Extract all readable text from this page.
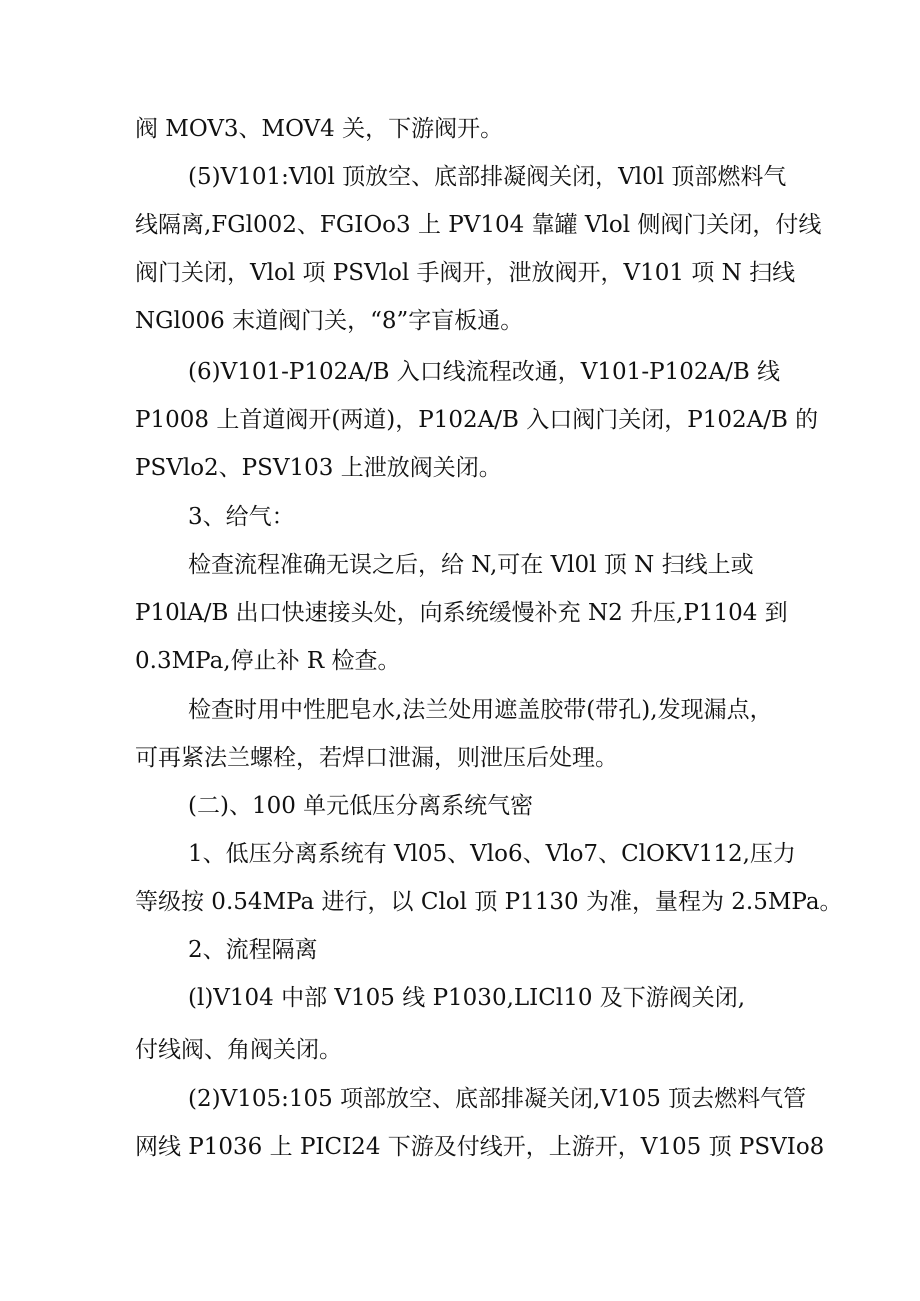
阀 MOV3、MOV4 关，下游阀开。

(5)V101:Vl0l 顶放空、底部排凝阀关闭，Vl0l 顶部燃料气

线隔离,FGl002、FGIOo3 上 PV104 靠罐 Vlol 侧阀门关闭，付线

阀门关闭，Vlol 项 PSVlol 手阀开，泄放阀开，V101 项 N 扫线

NGl006 末道阀门关，“8”字盲板通。

(6)V101-P102A/B 入口线流程改通，V101-P102A/B 线

P1008 上首道阀开(两道)，P102A/B 入口阀门关闭，P102A/B 的

PSVlo2、PSV103 上泄放阀关闭。

3、给气：

检查流程准确无误之后，给 N,可在 Vl0l 顶 N 扫线上或

P10lA/B 出口快速接头处，向系统缓慢补充 N2 升压,P1104 到

0.3MPa,停止补 R 检查。

检查时用中性肥皂水,法兰处用遮盖胶带(带孔),发现漏点，

可再紧法兰螺栓，若焊口泄漏，则泄压后处理。

(二)、100 单元低压分离系统气密

1、低压分离系统有 Vl05、Vlo6、Vlo7、ClOKV112,压力

等级按 0.54MPa 进行，以 Clol 顶 P1130 为准，量程为 2.5MPa。

2、流程隔离

(l)V104 中部 V105 线 P1030,LICl10 及下游阀关闭,

付线阀、角阀关闭。

(2)V105:105 项部放空、底部排凝关闭,V105 顶去燃料气管

网线 P1036 上 PICI24 下游及付线开，上游开，V105 顶 PSVIo8
